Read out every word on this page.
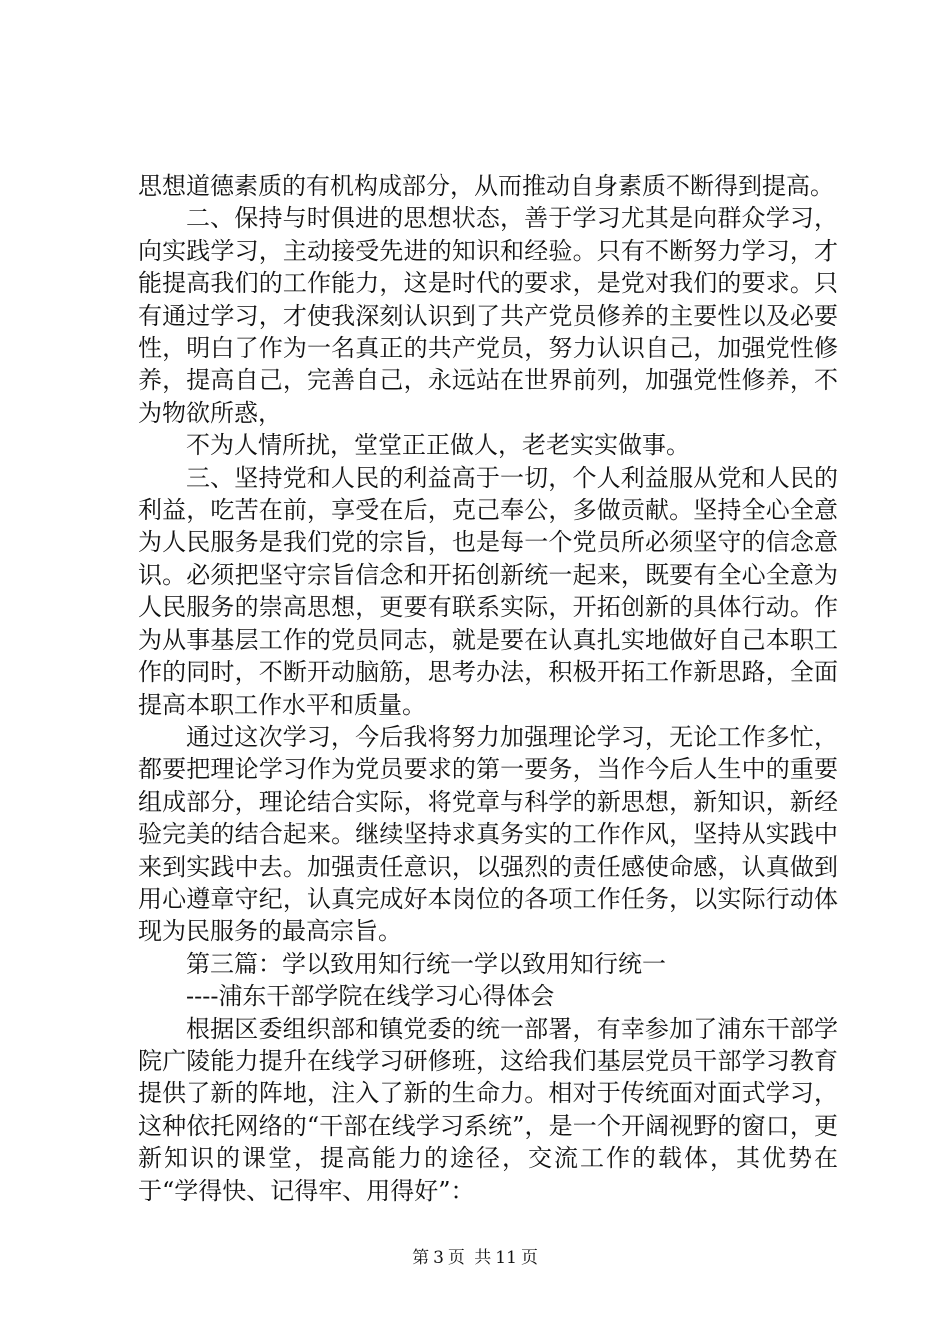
思想道德素质的有机构成部分，从而推动自身素质不断得到提高。

二、保持与时俱进的思想状态，善于学习尤其是向群众学习，向实践学习，主动接受先进的知识和经验。只有不断努力学习，才能提高我们的工作能力，这是时代的要求，是党对我们的要求。只有通过学习，才使我深刻认识到了共产党员修养的主要性以及必要性，明白了作为一名真正的共产党员，努力认识自己，加强党性修养，提高自己，完善自己，永远站在世界前列，加强党性修养，不为物欲所惑，

不为人情所扰，堂堂正正做人，老老实实做事。

三、坚持党和人民的利益高于一切，个人利益服从党和人民的利益，吃苦在前，享受在后，克己奉公，多做贡献。坚持全心全意为人民服务是我们党的宗旨，也是每一个党员所必须坚守的信念意识。必须把坚守宗旨信念和开拓创新统一起来，既要有全心全意为人民服务的崇高思想，更要有联系实际，开拓创新的具体行动。作为从事基层工作的党员同志，就是要在认真扎实地做好自己本职工作的同时，不断开动脑筋，思考办法，积极开拓工作新思路，全面提高本职工作水平和质量。

通过这次学习，今后我将努力加强理论学习，无论工作多忙，都要把理论学习作为党员要求的第一要务，当作今后人生中的重要组成部分，理论结合实际，将党章与科学的新思想，新知识，新经验完美的结合起来。继续坚持求真务实的工作作风，坚持从实践中来到实践中去。加强责任意识，以强烈的责任感使命感，认真做到用心遵章守纪，认真完成好本岗位的各项工作任务，以实际行动体现为民服务的最高宗旨。

第三篇：学以致用知行统一学以致用知行统一

----浦东干部学院在线学习心得体会

根据区委组织部和镇党委的统一部署，有幸参加了浦东干部学院广陵能力提升在线学习研修班，这给我们基层党员干部学习教育提供了新的阵地，注入了新的生命力。相对于传统面对面式学习，这种依托网络的“干部在线学习系统”，是一个开阔视野的窗口，更新知识的课堂，提高能力的途径，交流工作的载体，其优势在于“学得快、记得牢、用得好”：

第 3 页 共 11 页
